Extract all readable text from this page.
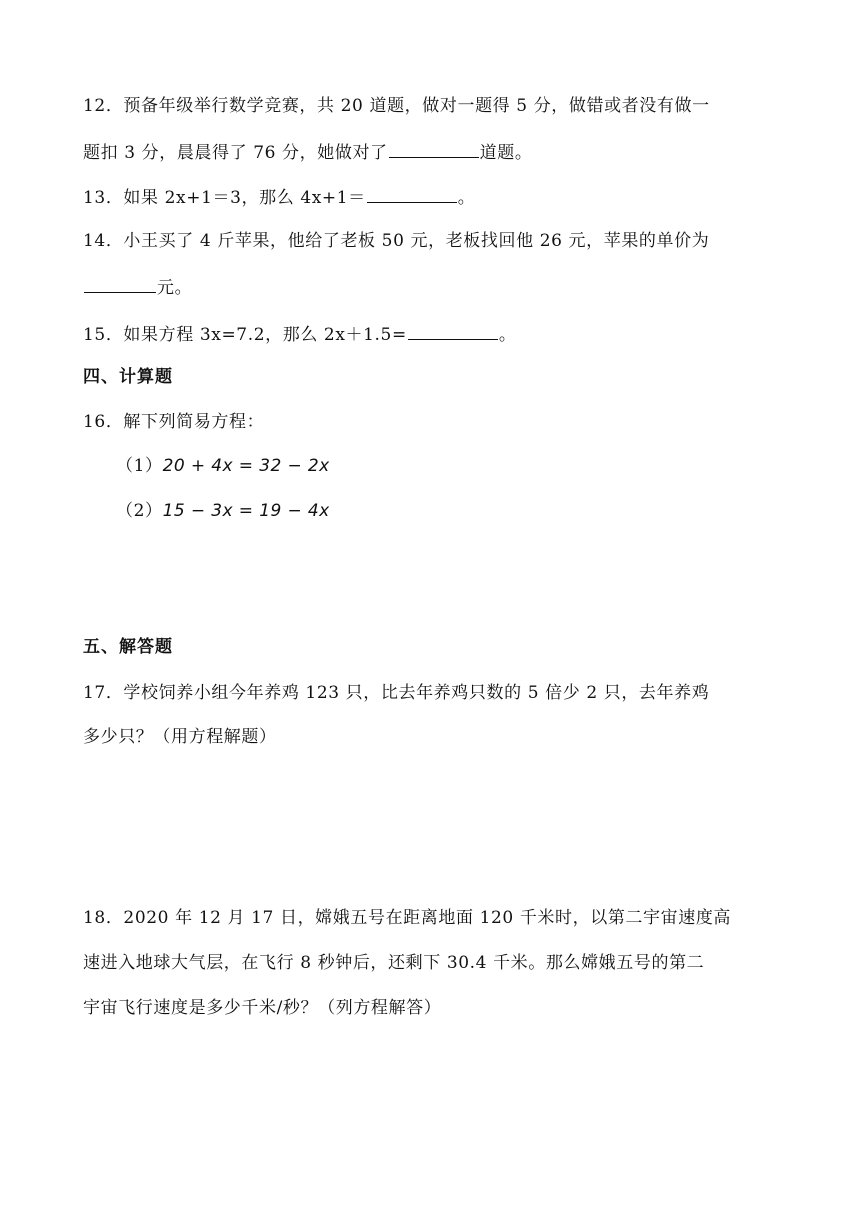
12．预备年级举行数学竞赛，共 20 道题，做对一题得 5 分，做错或者没有做一
题扣 3 分，晨晨得了 76 分，她做对了	道题。
13．如果 2x+1＝3，那么 4x+1＝	。
14．小王买了 4 斤苹果，他给了老板 50 元，老板找回他 26 元，苹果的单价为
元。
15．如果方程 3x=7.2，那么 2x＋1.5=	。
四、计算题
16．解下列简易方程：
（1）20 + 4x = 32 − 2x
（2）15 − 3x = 19 − 4x
五、解答题
17．学校饲养小组今年养鸡 123 只，比去年养鸡只数的 5 倍少 2 只，去年养鸡
多少只？（用方程解题）
18．2020 年 12 月 17 日，嫦娥五号在距离地面 120 千米时，以第二宇宙速度高
速进入地球大气层，在飞行 8 秒钟后，还剩下 30.4 千米。那么嫦娥五号的第二
宇宙飞行速度是多少千米/秒？（列方程解答）
